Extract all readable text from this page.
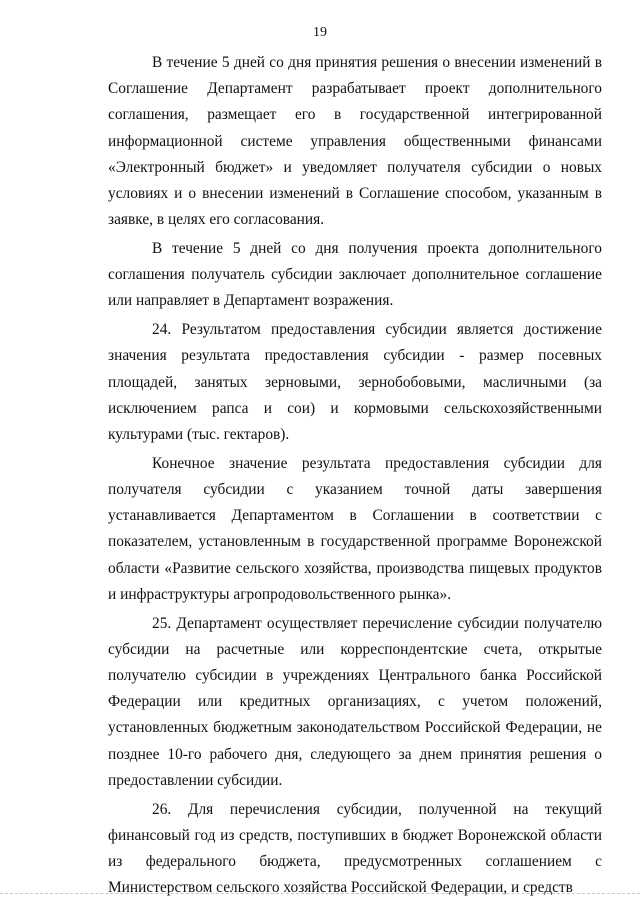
19

В течение 5 дней со дня принятия решения о внесении изменений в Соглашение Департамент разрабатывает проект дополнительного соглашения, размещает его в государственной интегрированной информационной системе управления общественными финансами «Электронный бюджет» и уведомляет получателя субсидии о новых условиях и о внесении изменений в Соглашение способом, указанным в заявке, в целях его согласования.

В течение 5 дней со дня получения проекта дополнительного соглашения получатель субсидии заключает дополнительное соглашение или направляет в Департамент возражения.

24. Результатом предоставления субсидии является достижение значения результата предоставления субсидии - размер посевных площадей, занятых зерновыми, зернобобовыми, масличными (за исключением рапса и сои) и кормовыми сельскохозяйственными культурами (тыс. гектаров).

Конечное значение результата предоставления субсидии для получателя субсидии с указанием точной даты завершения устанавливается Департаментом в Соглашении в соответствии с показателем, установленным в государственной программе Воронежской области «Развитие сельского хозяйства, производства пищевых продуктов и инфраструктуры агропродовольственного рынка».

25. Департамент осуществляет перечисление субсидии получателю субсидии на расчетные или корреспондентские счета, открытые получателю субсидии в учреждениях Центрального банка Российской Федерации или кредитных организациях, с учетом положений, установленных бюджетным законодательством Российской Федерации, не позднее 10-го рабочего дня, следующего за днем принятия решения о предоставлении субсидии.

26. Для перечисления субсидии, полученной на текущий финансовый год из средств, поступивших в бюджет Воронежской области из федерального бюджета, предусмотренных соглашением с Министерством сельского хозяйства Российской Федерации, и средств
